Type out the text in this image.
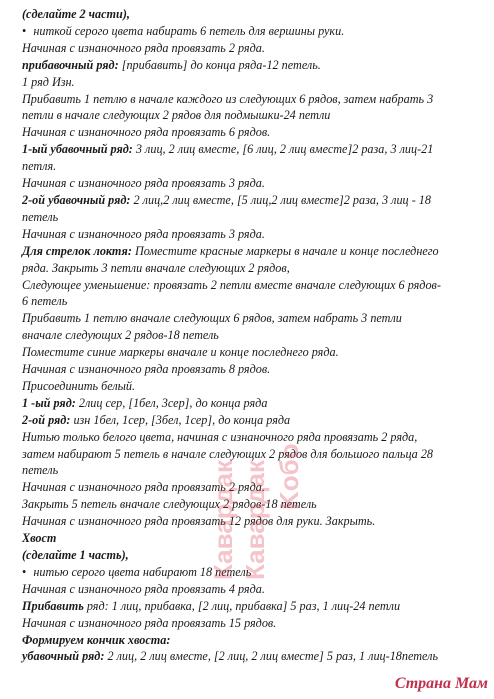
(сделайте 2 части),
• ниткой серого цвета набирать 6 петель для вершины руки.
Начиная с изнаночного ряда провязать 2 ряда.
прибавочный ряд: [прибавить] до конца ряда-12 петель.
1 ряд Изн.
Прибавить 1 петлю в начале каждого из следующих 6 рядов, затем набрать 3
петли в начале следующих 2 рядов для подмышки-24 петли
Начиная с изнаночного ряда провязать 6 рядов.
1-ый убавочный ряд: 3 лиц, 2 лиц вместе, [6 лиц, 2 лиц вместе]2 раза, 3 лиц-21
петля.
Начиная с изнаночного ряда провязать 3 ряда.
2-ой убавочный ряд: 2 лиц,2 лиц вместе, [5 лиц,2 лиц вместе]2 раза, 3 лиц - 18
петель
Начиная с изнаночного ряда провязать 3 ряда.
Для стрелок локтя: Поместите красные маркеры в начале и конце последнего
ряда. Закрыть 3 петли вначале следующих 2 рядов,
Следующее уменьшение: провязать 2 петли вместе вначале следующих 6 рядов-
6 петель
Прибавить 1 петлю вначале следующих 6 рядов, затем набрать 3 петли
вначале следующих 2 рядов-18 петель
Поместите синие маркеры вначале и конце последнего ряда.
Начиная с изнаночного ряда провязать 8 рядов.
Присоединить белый.
1 -ый ряд: 2лиц сер, [1бел, 3сер], до конца ряда
2-ой ряд: изн 1бел, 1сер, [3бел, 1сер], до конца ряда
Нитью только белого цвета, начиная с изнаночного ряда провязать 2 ряда,
затем набирают 5 петель в начале следующих 2 рядов для большого пальца 28
петель
Начиная с изнаночного ряда провязать 2 ряда.
Закрыть 5 петель вначале следующих 2 рядов-18 петель
Начиная с изнаночного ряда провязать 12 рядов для руки. Закрыть.
Хвост
(сделайте 1 часть),
• нитью серого цвета набирают 18 петель
Начиная с изнаночного ряда провязать 4 ряда.
Прибавить ряд: 1 лиц, прибавка, [2 лиц, прибавка] 5 раз, 1 лиц-24 петли
Начиная с изнаночного ряда провязать 15 рядов.
Формируем кончик хвоста:
убавочный ряд: 2 лиц, 2 лиц вместе, [2 лиц, 2 лиц вместе] 5 раз, 1 лиц-18петель
Кавардак Кавардак Koбо
Страна Мам
